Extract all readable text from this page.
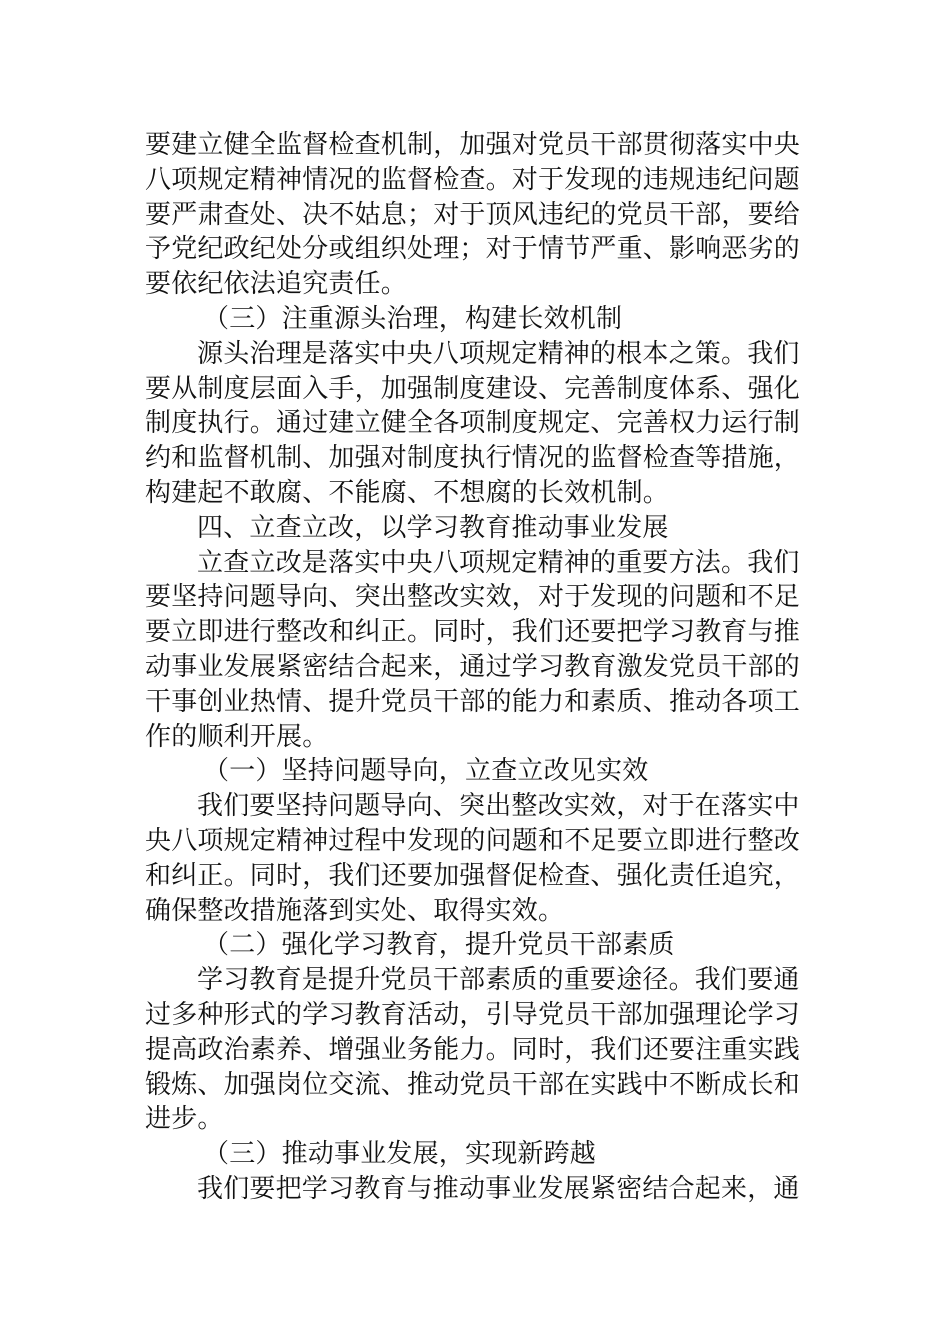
要建立健全监督检查机制，加强对党员干部贯彻落实中央
八项规定精神情况的监督检查。对于发现的违规违纪问题
要严肃查处、决不姑息；对于顶风违纪的党员干部，要给
予党纪政纪处分或组织处理；对于情节严重、影响恶劣的
要依纪依法追究责任。
（三）注重源头治理，构建长效机制
源头治理是落实中央八项规定精神的根本之策。我们
要从制度层面入手，加强制度建设、完善制度体系、强化
制度执行。通过建立健全各项制度规定、完善权力运行制
约和监督机制、加强对制度执行情况的监督检查等措施，
构建起不敢腐、不能腐、不想腐的长效机制。
四、立查立改，以学习教育推动事业发展
立查立改是落实中央八项规定精神的重要方法。我们
要坚持问题导向、突出整改实效，对于发现的问题和不足
要立即进行整改和纠正。同时，我们还要把学习教育与推
动事业发展紧密结合起来，通过学习教育激发党员干部的
干事创业热情、提升党员干部的能力和素质、推动各项工
作的顺利开展。
（一）坚持问题导向，立查立改见实效
我们要坚持问题导向、突出整改实效，对于在落实中
央八项规定精神过程中发现的问题和不足要立即进行整改
和纠正。同时，我们还要加强督促检查、强化责任追究，
确保整改措施落到实处、取得实效。
（二）强化学习教育，提升党员干部素质
学习教育是提升党员干部素质的重要途径。我们要通
过多种形式的学习教育活动，引导党员干部加强理论学习
提高政治素养、增强业务能力。同时，我们还要注重实践
锻炼、加强岗位交流、推动党员干部在实践中不断成长和
进步。
（三）推动事业发展，实现新跨越
我们要把学习教育与推动事业发展紧密结合起来，通
